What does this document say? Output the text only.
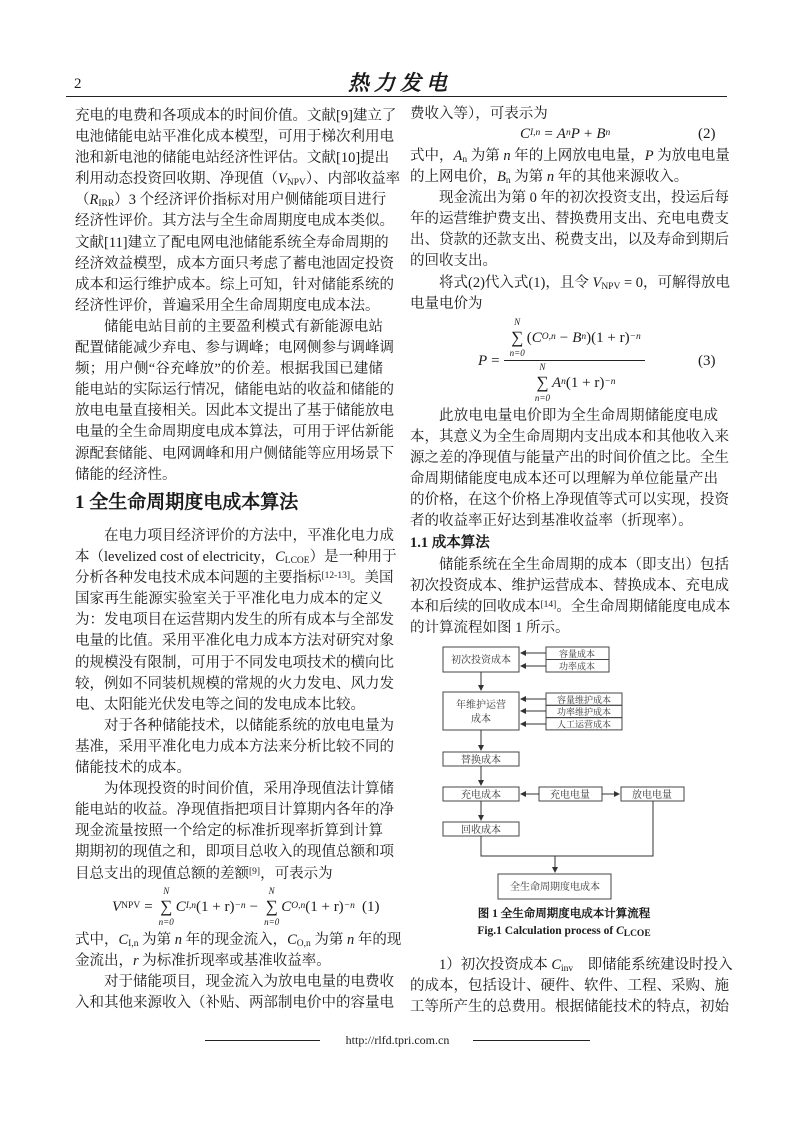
2	热力发电
充电的电费和各项成本的时间价值。文献[9]建立了
电池储能电站平准化成本模型，可用于梯次利用电
池和新电池的储能电站经济性评估。文献[10]提出
利用动态投资回收期、净现值$(V_{NPV})$、内部收益率
$(R_{IRR})3$ 个经济评价指标对用户侧储能项目进行
经济性评价。其方法与全生命周期度电成本类似。
文献[11]建立了配电网电池储能系统全寿命周期的
经济效益模型，成本方面只考虑了蓄电池固定投资
成本和运行维护成本。综上可知，针对储能系统的
经济性评价，普遍采用全生命周期度电成本法。
储能电站目前的主要盈利模式有新能源电站
配置储能减少弃电、参与调峰；电网侧参与调峰调
频；用户侧“谷充峰放”的价差。根据我国已建储
能电站的实际运行情况，储能电站的收益和储能的
放电电量直接相关。因此本文提出了基于储能放电
电量的全生命周期度电成本算法，可用于评估新能
源配套储能、电网调峰和用户侧储能等应用场景下
储能的经济性。
1 全生命周期度电成本算法
在电力项目经济评价的方法中，平准化电力成
本（levelized cost of electricity，$C_{LCOE}$）是一种用于
分析各种发电技术成本问题的主要指标[12-13]。美国
国家再生能源实验室关于平准化电力成本的定义
为：发电项目在运营期内发生的所有成本与全部发
电量的比值。采用平准化电力成本方法对研究对象
的规模没有限制，可用于不同发电项技术的横向比
较，例如不同装机规模的常规的火力发电、风力发
电、太阳能光伏发电等之间的发电成本比较。
对于各种储能技术，以储能系统的放电电量为
基准，采用平准化电力成本方法来分析比较不同的
储能技术的成本。
为体现投资的时间价值，采用净现值法计算储
能电站的收益。净现值指把项目计算期内各年的净
现金流量按照一个给定的标准折现率折算到计算
期期初的现值之和，即项目总收入的现值总额和项
目总支出的现值总额的差额[9]，可表示为
V NPV =
N
∑
n=0
C I,n (1 + r) −n −
N
∑
n=0
C O,n (1 + r) −n (1)
式中，$C_{I,n}$ 为第 n 年的现金流入，$C_{O,n}$ 为第 n 年的现
金流出，r 为标准折现率或基准收益率。
对于储能项目，现金流入为放电电量的电费收
入和其他来源收入（补贴、两部制电价中的容量电
费收入等），可表示为
C I,n = A n P + B n	(2)
式中，$A_n$ 为第 n 年的上网放电电量，P 为放电电量
的上网电价，$B_n$ 为第 n 年的其他来源收入。
现金流出为第 0 年的初次投资支出，投运后每
年的运营维护费支出、替换费用支出、充电电费支
出、贷款的还款支出、税费支出，以及寿命到期后
的回收支出。
将式(2)代入式(1)，且令 $V_{NPV} = 0$，可解得放电
电量电价为
P = N
∑
n=0
( C O,n − B n ) (1 + r) −n
N
∑
n=0
A n (1 + r) −n	(3)
此放电电量电价即为全生命周期储能度电成
本，其意义为全生命周期内支出成本和其他收入来
源之差的净现值与能量产出的时间价值之比。全生
命周期储能度电成本还可以理解为单位能量产出
的价格，在这个价格上净现值等式可以实现，投资
者的收益率正好达到基准收益率（折现率）。
1.1 成本算法
储能系统在全生命周期的成本（即支出）包括
初次投资成本、维护运营成本、替换成本、充电成
本和后续的回收成本[14]。全生命周期储能度电成本
的计算流程如图 1 所示。
初次投资成本
容量成本
功率成本
年维护运营
成本
容量维护成本
功率维护成本
人工运营成本
替换成本
充电成本	充电电量	放电电量
回收成本
全生命周期度电成本
图 1 全生命周期度电成本计算流程
Fig.1 Calculation process of $C_{LCOE}$
1）初次投资成本 $C_{inv}$　即储能系统建设时投入
的成本，包括设计、硬件、软件、工程、采购、施
工等所产生的总费用。根据储能技术的特点，初始
http://rlfd.tpri.com.cn
